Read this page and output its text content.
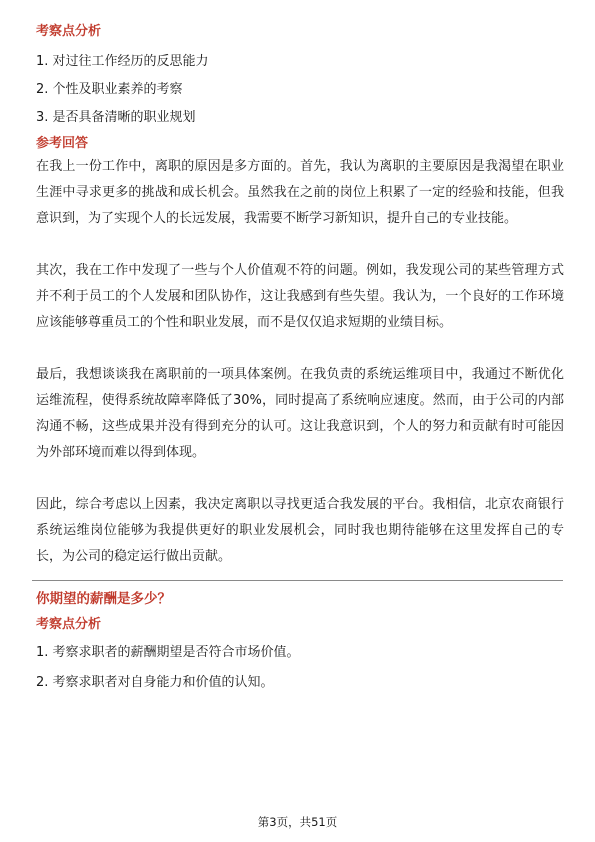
考察点分析

1. 对过往工作经历的反思能力

2. 个性及职业素养的考察

3. 是否具备清晰的职业规划

参考回答

在我上一份工作中，离职的原因是多方面的。首先，我认为离职的主要原因是我渴望在职业生涯中寻求更多的挑战和成长机会。虽然我在之前的岗位上积累了一定的经验和技能，但我意识到，为了实现个人的长远发展，我需要不断学习新知识，提升自己的专业技能。

其次，我在工作中发现了一些与个人价值观不符的问题。例如，我发现公司的某些管理方式并不利于员工的个人发展和团队协作，这让我感到有些失望。我认为，一个良好的工作环境应该能够尊重员工的个性和职业发展，而不是仅仅追求短期的业绩目标。

最后，我想谈谈我在离职前的一项具体案例。在我负责的系统运维项目中，我通过不断优化运维流程，使得系统故障率降低了30%，同时提高了系统响应速度。然而，由于公司的内部沟通不畅，这些成果并没有得到充分的认可。这让我意识到，个人的努力和贡献有时可能因为外部环境而难以得到体现。

因此，综合考虑以上因素，我决定离职以寻找更适合我发展的平台。我相信，北京农商银行系统运维岗位能够为我提供更好的职业发展机会，同时我也期待能够在这里发挥自己的专长，为公司的稳定运行做出贡献。

你期望的薪酬是多少？

考察点分析

1. 考察求职者的薪酬期望是否符合市场价值。

2. 考察求职者对自身能力和价值的认知。

第3页，共51页
